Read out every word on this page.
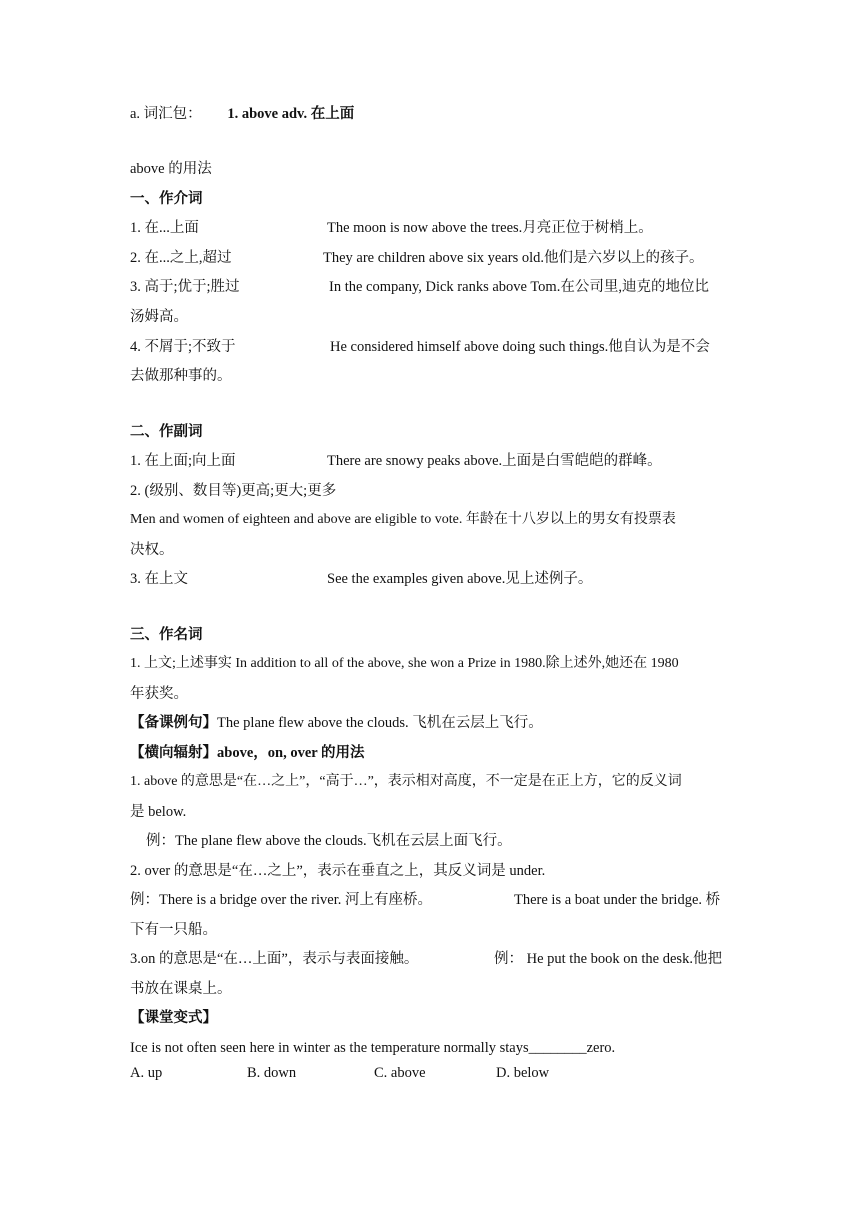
a. 词汇包： 1. above adv. 在上面
above 的用法
一、作介词
1. 在...上面	The moon is now above the trees.月亮正位于树梢上。
2. 在...之上,超过	They are children above six years old.他们是六岁以上的孩子。
3. 高于;优于;胜过	In the company, Dick ranks above Tom.在公司里,迪克的地位比
汤姆高。
4. 不屑于;不致于	He considered himself above doing such things.他自认为是不会
去做那种事的。
二、作副词
1. 在上面;向上面	There are snowy peaks above.上面是白雪皑皑的群峰。
2. (级别、数目等)更高;更大;更多
Men and women of eighteen and above are eligible to vote. 年龄在十八岁以上的男女有投票表
决权。
3. 在上文	See the examples given above.见上述例子。
三、作名词
1. 上文;上述事实 In addition to all of the above, she won a Prize in 1980.除上述外,她还在 1980
年获奖。
【备课例句】The plane flew above the clouds. 飞机在云层上飞行。
【横向辐射】above，on, over 的用法
1. above 的意思是“在…之上”，“高于…”，表示相对高度，不一定是在正上方，它的反义词
是 below.
例：The plane flew above the clouds.飞机在云层上面飞行。
2. over 的意思是“在…之上”，表示在垂直之上，其反义词是 under.
例：There is a bridge over the river. 河上有座桥。	There is a boat under the bridge. 桥
下有一只船。
3.on 的意思是“在…上面”，表示与表面接触。	例： He put the book on the desk.他把
书放在课桌上。
【课堂变式】
Ice is not often seen here in winter as the temperature normally stays________zero.
A. up	B. down	C. above	D. below
